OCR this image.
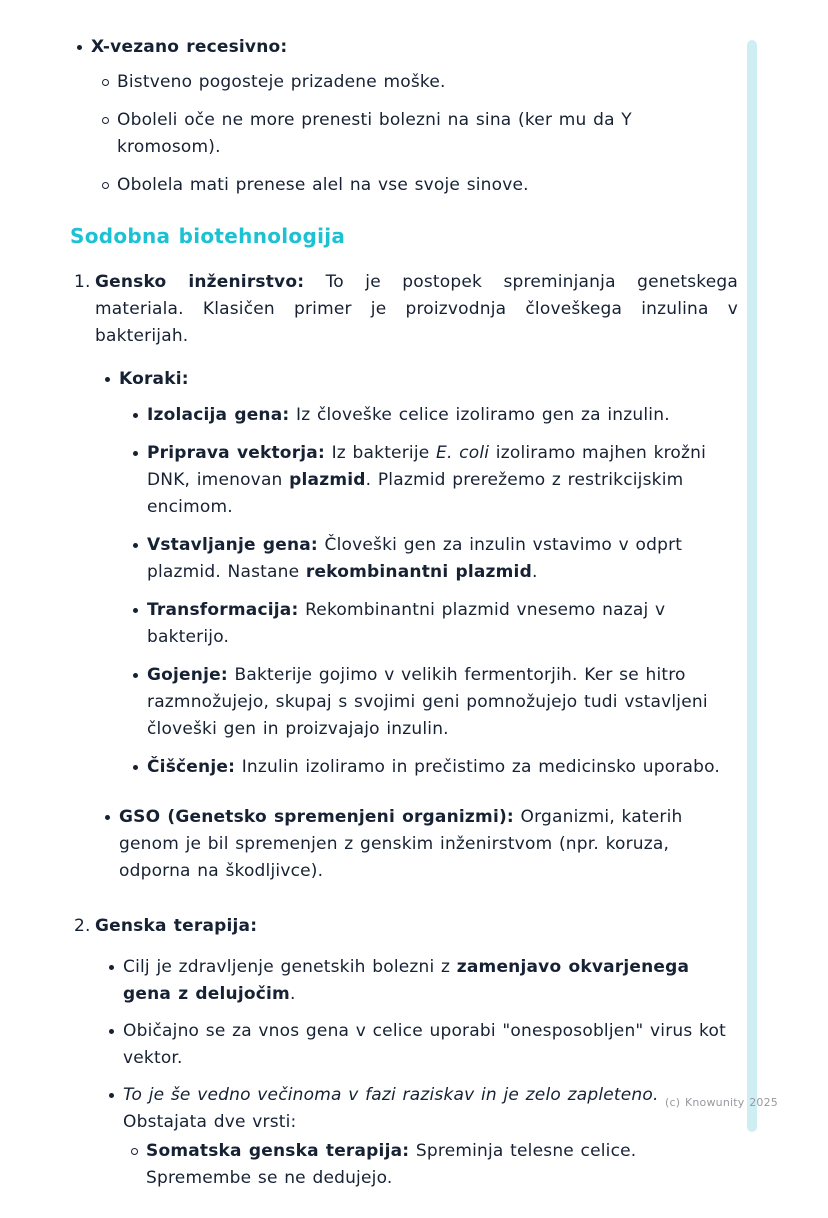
X-vezano recesivno:

Bistveno pogosteje prizadene moške.

Oboleli oče ne more prenesti bolezni na sina (ker mu da Y kromosom).

Obolela mati prenese alel na vse svoje sinove.

Sodobna biotehnologija
1. Gensko inženirstvo: To je postopek spreminjanja genetskega materiala. Klasičen primer je proizvodnja človeškega inzulina v bakterijah.

Koraki:

Izolacija gena: Iz človeške celice izoliramo gen za inzulin.

Priprava vektorja: Iz bakterije E. coli izoliramo majhen krožni DNK, imenovan plazmid. Plazmid prerežemo z restrikcijskim encimom.

Vstavljanje gena: Človeški gen za inzulin vstavimo v odprt plazmid. Nastane rekombinantni plazmid.

Transformacija: Rekombinantni plazmid vnesemo nazaj v bakterijo.

Gojenje: Bakterije gojimo v velikih fermentorjih. Ker se hitro razmnožujejo, skupaj s svojimi geni pomnožujejo tudi vstavljeni človeški gen in proizvajajo inzulin.

Čiščenje: Inzulin izoliramo in prečistimo za medicinsko uporabo.

GSO (Genetsko spremenjeni organizmi): Organizmi, katerih genom je bil spremenjen z genskim inženirstvom (npr. koruza, odporna na škodljivce).

2. Genska terapija:

Cilj je zdravljenje genetskih bolezni z zamenjavo okvarjenega gena z delujočim.

Običajno se za vnos gena v celice uporabi "onesposobljen" virus kot vektor.

To je še vedno večinoma v fazi raziskav in je zelo zapleteno.
Obstajata dve vrsti:

Somatska genska terapija: Spreminja telesne celice. Spremembe se ne dedujejo.

(c) Knowunity 2025
